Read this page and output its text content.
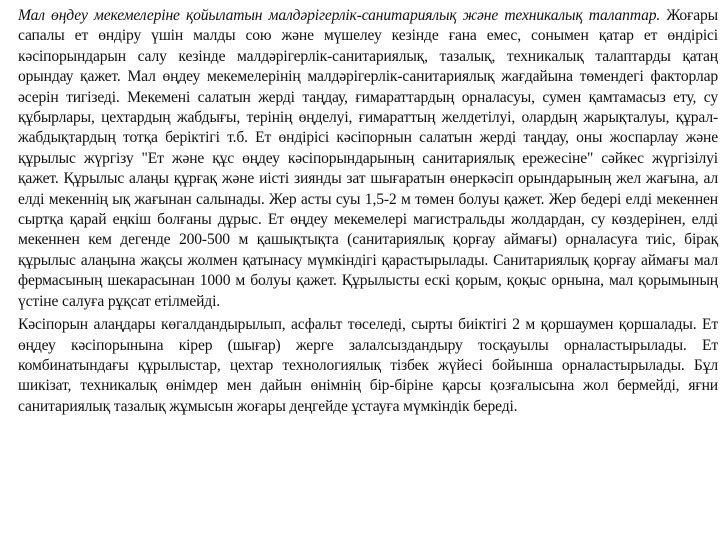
Мал өңдеу мекемелеріне қойылатын малдәрігерлік-санитариялық және техникалық талаптар. Жоғары сапалы ет өндіру үшін малды сою және мүшелеу кезінде ғана емес, сонымен қатар ет өндірісі кәсіпорындарын салу кезінде малдәрігерлік-санитариялық, тазалық, техникалық талаптарды қатаң орындау қажет. Мал өңдеу мекемелерінің малдәрігерлік-санитариялық жағдайына төмендегі факторлар әсерін тигізеді. Мекемені салатын жерді таңдау, ғимараттардың орналасуы, сумен қамтамасыз ету, су құбырлары, цехтардың жабдығы, терінің өңделуі, ғимараттың желдетілуі, олардың жарықталуы, құрал-жабдықтардың тотқа беріктігі т.б. Ет өндірісі кәсіпорнын салатын жерді таңдау, оны жоспарлау және құрылыс жүргізу "Ет және құс өңдеу кәсіпорындарының санитариялық ережесіне" сәйкес жүргізілуі қажет. Құрылыс алаңы құрғақ және иісті зиянды зат шығаратын өнеркәсіп орындарының жел жағына, ал елді мекеннің ық жағынан салынады. Жер асты суы 1,5-2 м төмен болуы қажет. Жер бедері елді мекеннен сыртқа қарай еңкіш болғаны дұрыс. Ет өңдеу мекемелері магистральды жолдардан, су көздерінен, елді мекеннен кем дегенде 200-500 м қашықтықта (санитариялық қорғау аймағы) орналасуға тиіс, бірақ құрылыс алаңына жақсы жолмен қатынасу мүмкіндігі қарастырылады. Санитариялық қорғау аймағы мал фермасының шекарасынан 1000 м болуы қажет. Құрылысты ескі қорым, қоқыс орнына, мал қорымының үстіне салуға рұқсат етілмейді.

Кәсіпорын алаңдары көгалдандырылып, асфальт төселеді, сырты биіктігі 2 м қоршаумен қоршалады. Ет өңдеу кәсіпорынына кірер (шығар) жерге залалсыздандыру тосқауылы орналастырылады. Ет комбинатындағы құрылыстар, цехтар технологиялық тізбек жүйесі бойынша орналастырылады. Бұл шикізат, техникалық өнімдер мен дайын өнімнің бір-біріне қарсы қозғалысына жол бермейді, яғни санитариялық тазалық жұмысын жоғары деңгейде ұстауға мүмкіндік береді.
